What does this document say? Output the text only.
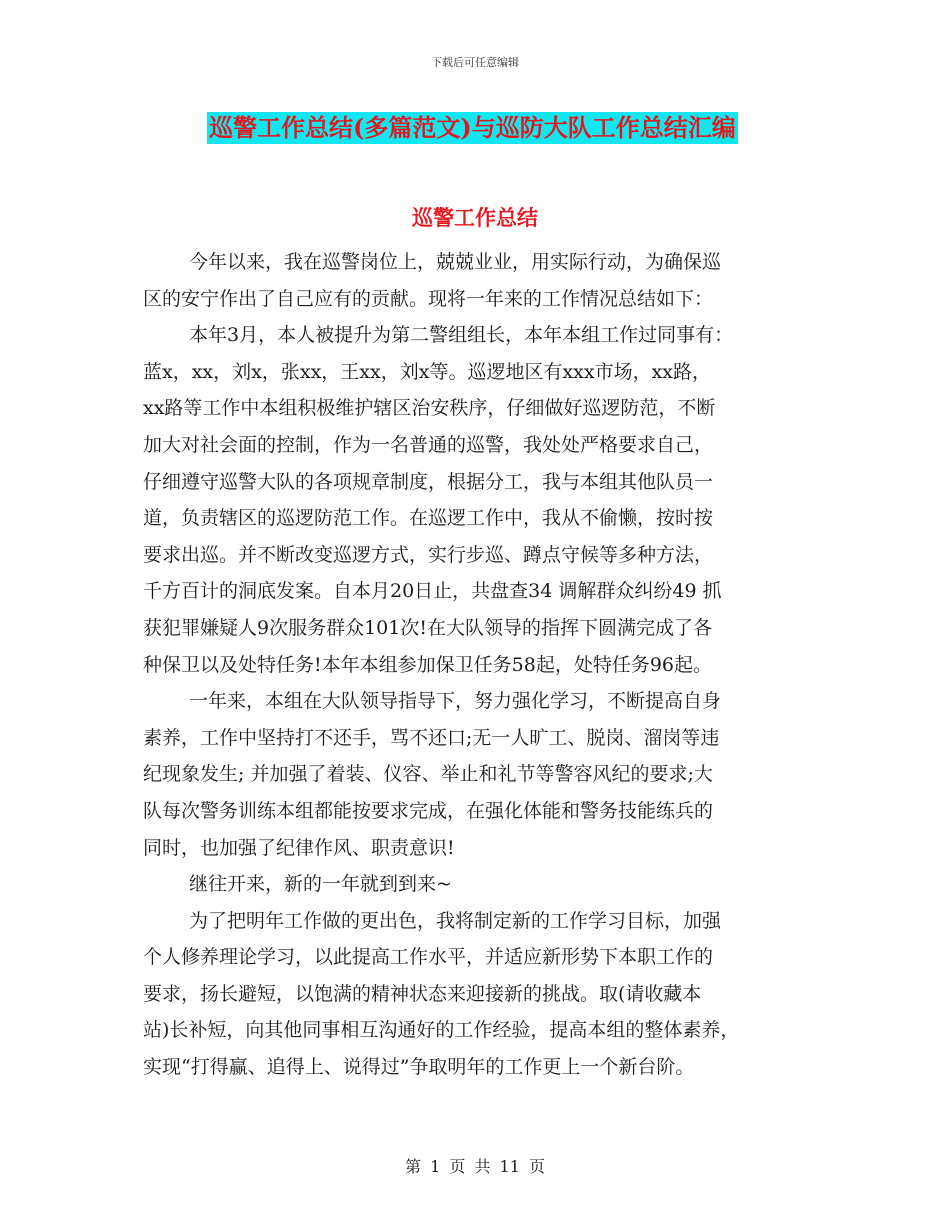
下载后可任意编辑
巡警工作总结(多篇范文)与巡防大队工作总结汇编
巡警工作总结
今年以来，我在巡警岗位上，兢兢业业，用实际行动，为确保巡
区的安宁作出了自己应有的贡献。现将一年来的工作情况总结如下：
本年3月，本人被提升为第二警组组长，本年本组工作过同事有：
蓝x，xx，刘x，张xx，王xx，刘x等。巡逻地区有xxx市场，xx路，
xx路等工作中本组积极维护辖区治安秩序，仔细做好巡逻防范，不断
加大对社会面的控制，作为一名普通的巡警，我处处严格要求自己，
仔细遵守巡警大队的各项规章制度，根据分工，我与本组其他队员一
道，负责辖区的巡逻防范工作。在巡逻工作中，我从不偷懒，按时按
要求出巡。并不断改变巡逻方式，实行步巡、蹲点守候等多种方法，
千方百计的洞底发案。自本月20日止，共盘查34 调解群众纠纷49 抓
获犯罪嫌疑人9次服务群众101次!在大队领导的指挥下圆满完成了各
种保卫以及处特任务!本年本组参加保卫任务58起，处特任务96起。
一年来，本组在大队领导指导下，努力强化学习，不断提高自身
素养，工作中坚持打不还手，骂不还口;无一人旷工、脱岗、溜岗等违
纪现象发生; 并加强了着装、仪容、举止和礼节等警容风纪的要求;大
队每次警务训练本组都能按要求完成，在强化体能和警务技能练兵的
同时，也加强了纪律作风、职责意识!
继往开来，新的一年就到到来~
为了把明年工作做的更出色，我将制定新的工作学习目标，加强
个人修养理论学习，以此提高工作水平，并适应新形势下本职工作的
要求，扬长避短，以饱满的精神状态来迎接新的挑战。取(请收藏本
站)长补短，向其他同事相互沟通好的工作经验，提高本组的整体素养，
实现“打得赢、追得上、说得过”争取明年的工作更上一个新台阶。
第 1 页 共 11 页
